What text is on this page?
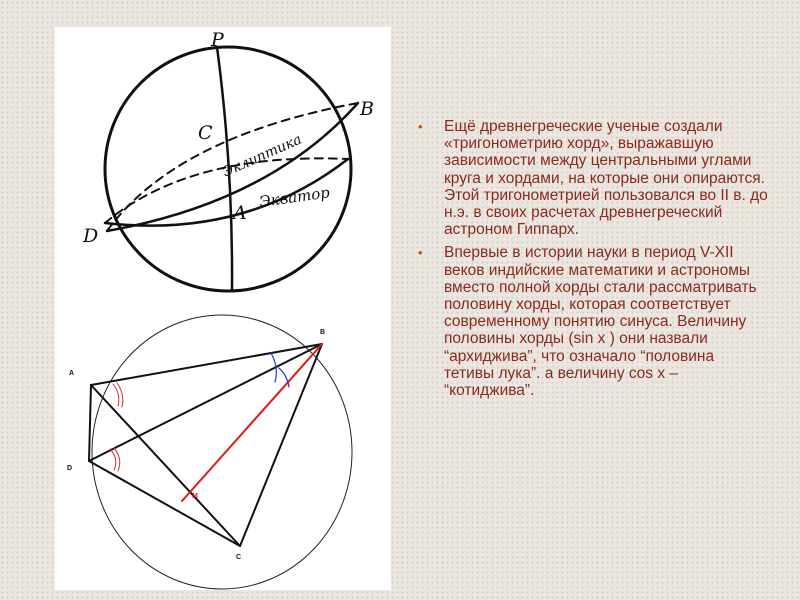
P
C
B
A
D
Эклиптика
Экватор
A
B
D
C
M
• Ещё древнегреческие ученые создали «тригонометрию хорд», выражавшую зависимости между центральными углами круга и хордами, на которые они опираются. Этой тригонометрией пользовался во II в. до н.э. в своих расчетах древнегреческий астроном Гиппарх.
• Впервые в истории науки в период V-XII веков индийские математики и астрономы вместо полной хорды стали рассматривать половину хорды, которая соответствует современному понятию синуса. Величину половины хорды (sin x ) они назвали “архиджива”, что означало “половина тетивы лука”. а величину cos x – “котиджива”.
